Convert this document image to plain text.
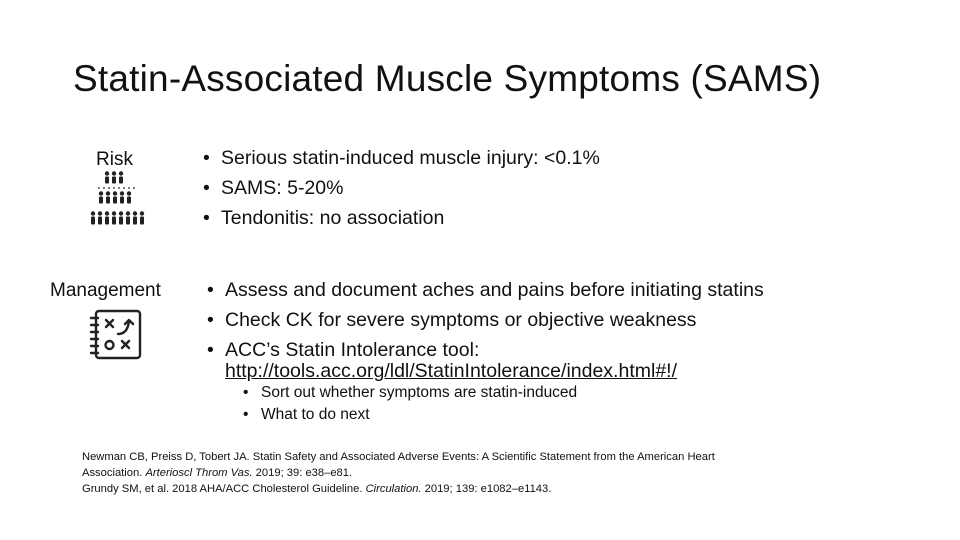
Statin-Associated Muscle Symptoms (SAMS)
Risk	• Serious statin-induced muscle injury: <0.1%
• SAMS: 5-20%
• Tendonitis: no association
Management	• Assess and document aches and pains before initiating statins
• Check CK for severe symptoms or objective weakness
• ACC’s Statin Intolerance tool:
http://tools.acc.org/ldl/StatinIntolerance/index.html#!/
• Sort out whether symptoms are statin-induced
• What to do next
Newman CB, Preiss D, Tobert JA. Statin Safety and Associated Adverse Events: A Scientific Statement from the American Heart
Association. Arterioscl Throm Vas. 2019; 39: e38–e81.
Grundy SM, et al. 2018 AHA/ACC Cholesterol Guideline. Circulation. 2019; 139: e1082–e1143.
